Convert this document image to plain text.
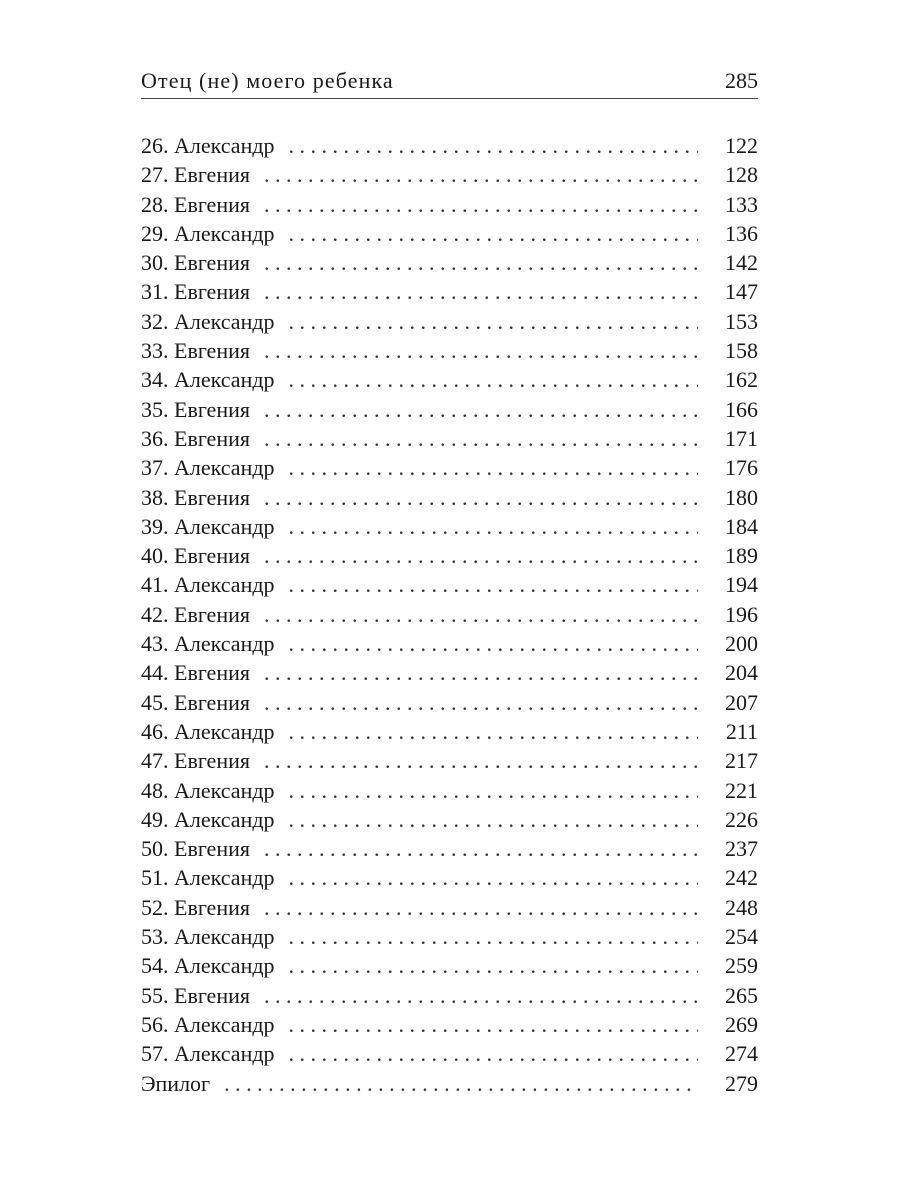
Отец (не) моего ребенка	285
26. Александр . . .	122
27. Евгения . . .	128
28. Евгения . . .	133
29. Александр . . .	136
30. Евгения . . .	142
31. Евгения . . .	147
32. Александр . . .	153
33. Евгения . . .	158
34. Александр . . .	162
35. Евгения . . .	166
36. Евгения . . .	171
37. Александр . . .	176
38. Евгения . . .	180
39. Александр . . .	184
40. Евгения . . .	189
41. Александр . . .	194
42. Евгения . . .	196
43. Александр . . .	200
44. Евгения . . .	204
45. Евгения . . .	207
46. Александр . . .	211
47. Евгения . . .	217
48. Александр . . .	221
49. Александр . . .	226
50. Евгения . . .	237
51. Александр . . .	242
52. Евгения . . .	248
53. Александр . . .	254
54. Александр . . .	259
55. Евгения . . .	265
56. Александр . . .	269
57. Александр . . .	274
Эпилог . . .	279
